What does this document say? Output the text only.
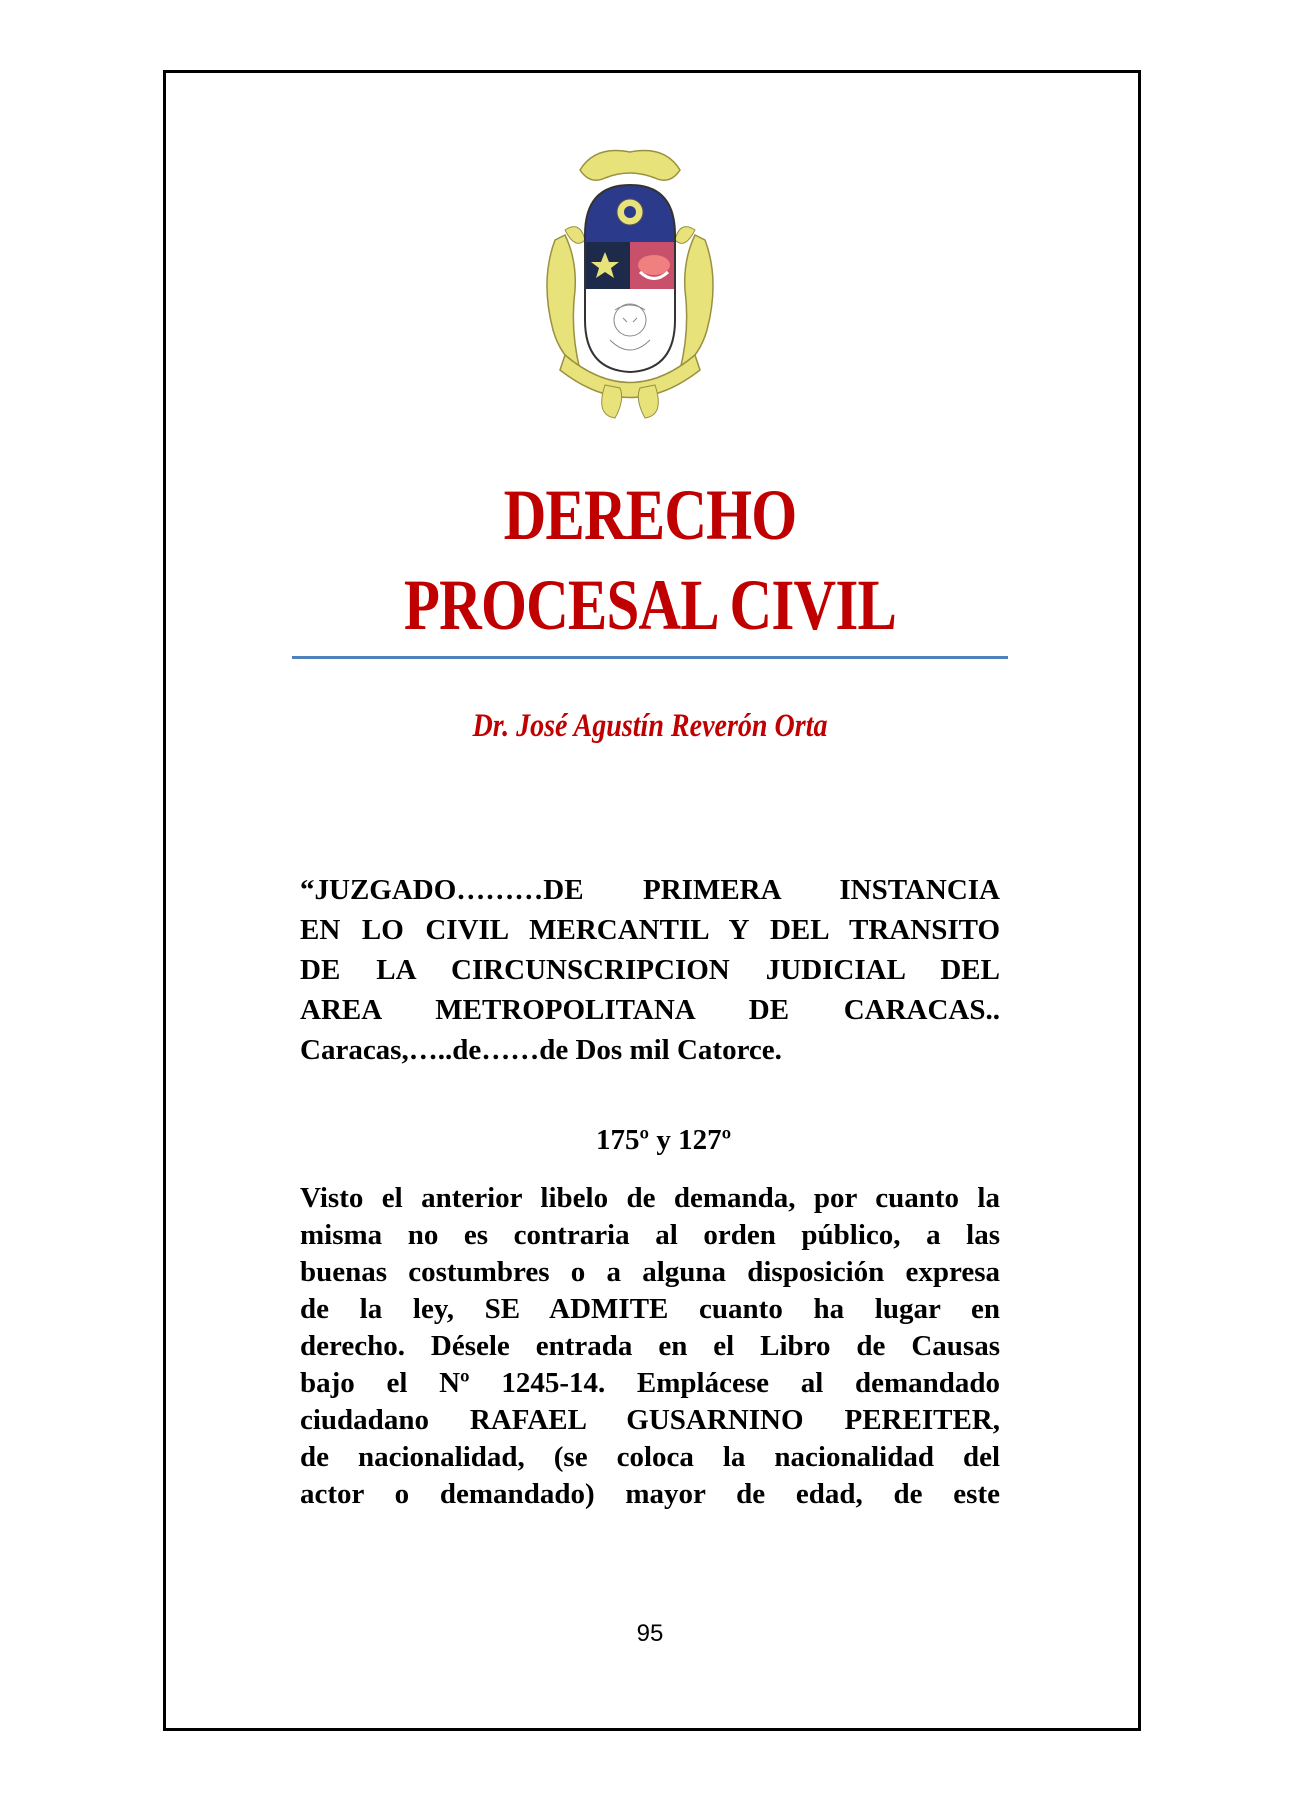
DERECHO
PROCESAL CIVIL
Dr. José Agustín Reverón Orta
“JUZGADO………DE PRIMERA INSTANCIA
EN LO CIVIL MERCANTIL Y DEL TRANSITO
DE LA CIRCUNSCRIPCION JUDICIAL DEL
AREA METROPOLITANA DE CARACAS..
Caracas,…..de……de Dos mil Catorce.
175º y 127º
Visto el anterior libelo de demanda, por cuanto la
misma no es contraria al orden público, a las
buenas costumbres o a alguna disposición expresa
de la ley, SE ADMITE cuanto ha lugar en
derecho. Désele entrada en el Libro de Causas
bajo el Nº 1245-14. Emplácese al demandado
ciudadano RAFAEL GUSARNINO PEREITER,
de nacionalidad, (se coloca la nacionalidad del
actor o demandado) mayor de edad, de este
95
